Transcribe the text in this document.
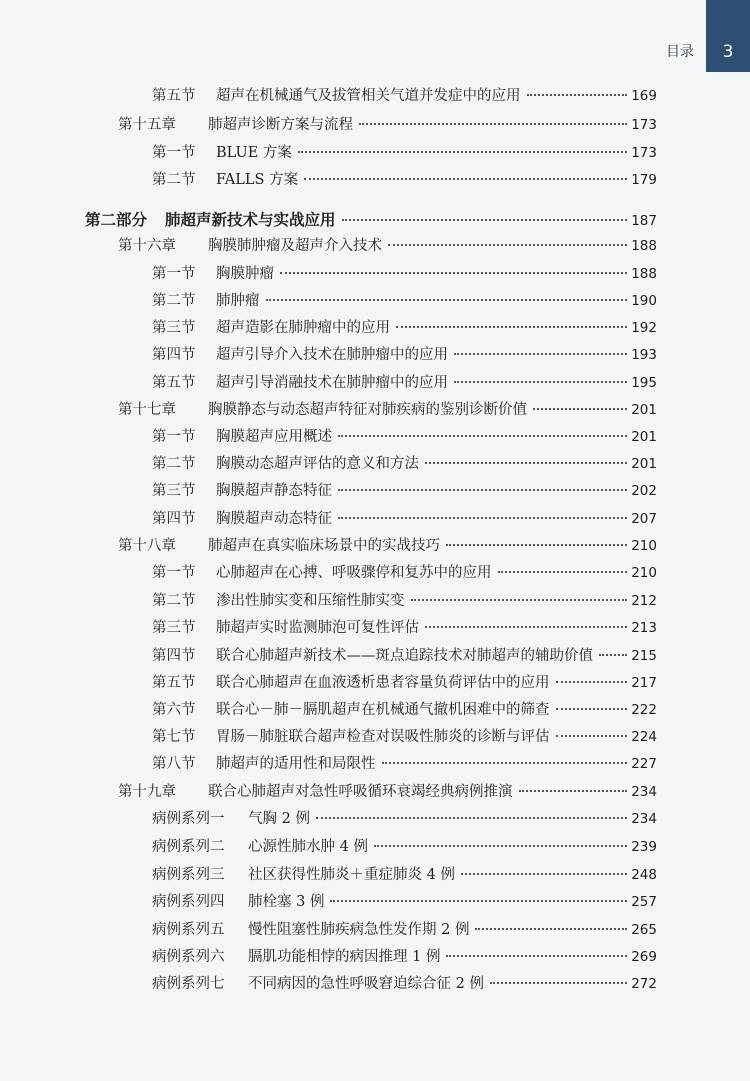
3
目录
第五节	超声在机械通气及拔管相关气道并发症中的应用	169
第十五章	肺超声诊断方案与流程	173
第一节	BLUE 方案	173
第二节	FALLS 方案	179
第二部分 肺超声新技术与实战应用	187
第十六章	胸膜肺肿瘤及超声介入技术	188
第一节	胸膜肿瘤	188
第二节	肺肿瘤	190
第三节	超声造影在肺肿瘤中的应用	192
第四节	超声引导介入技术在肺肿瘤中的应用	193
第五节	超声引导消融技术在肺肿瘤中的应用	195
第十七章	胸膜静态与动态超声特征对肺疾病的鉴别诊断价值	201
第一节	胸膜超声应用概述	201
第二节	胸膜动态超声评估的意义和方法	201
第三节	胸膜超声静态特征	202
第四节	胸膜超声动态特征	207
第十八章	肺超声在真实临床场景中的实战技巧	210
第一节	心肺超声在心搏、呼吸骤停和复苏中的应用	210
第二节	渗出性肺实变和压缩性肺实变	212
第三节	肺超声实时监测肺泡可复性评估	213
第四节	联合心肺超声新技术——斑点追踪技术对肺超声的辅助价值	215
第五节	联合心肺超声在血液透析患者容量负荷评估中的应用	217
第六节	联合心－肺－膈肌超声在机械通气撤机困难中的筛查	222
第七节	胃肠－肺脏联合超声检查对误吸性肺炎的诊断与评估	224
第八节	肺超声的适用性和局限性	227
第十九章	联合心肺超声对急性呼吸循环衰竭经典病例推演	234
病例系列一	气胸 2 例	234
病例系列二	心源性肺水肿 4 例	239
病例系列三	社区获得性肺炎＋重症肺炎 4 例	248
病例系列四	肺栓塞 3 例	257
病例系列五	慢性阻塞性肺疾病急性发作期 2 例	265
病例系列六	膈肌功能相悖的病因推理 1 例	269
病例系列七	不同病因的急性呼吸窘迫综合征 2 例	272
